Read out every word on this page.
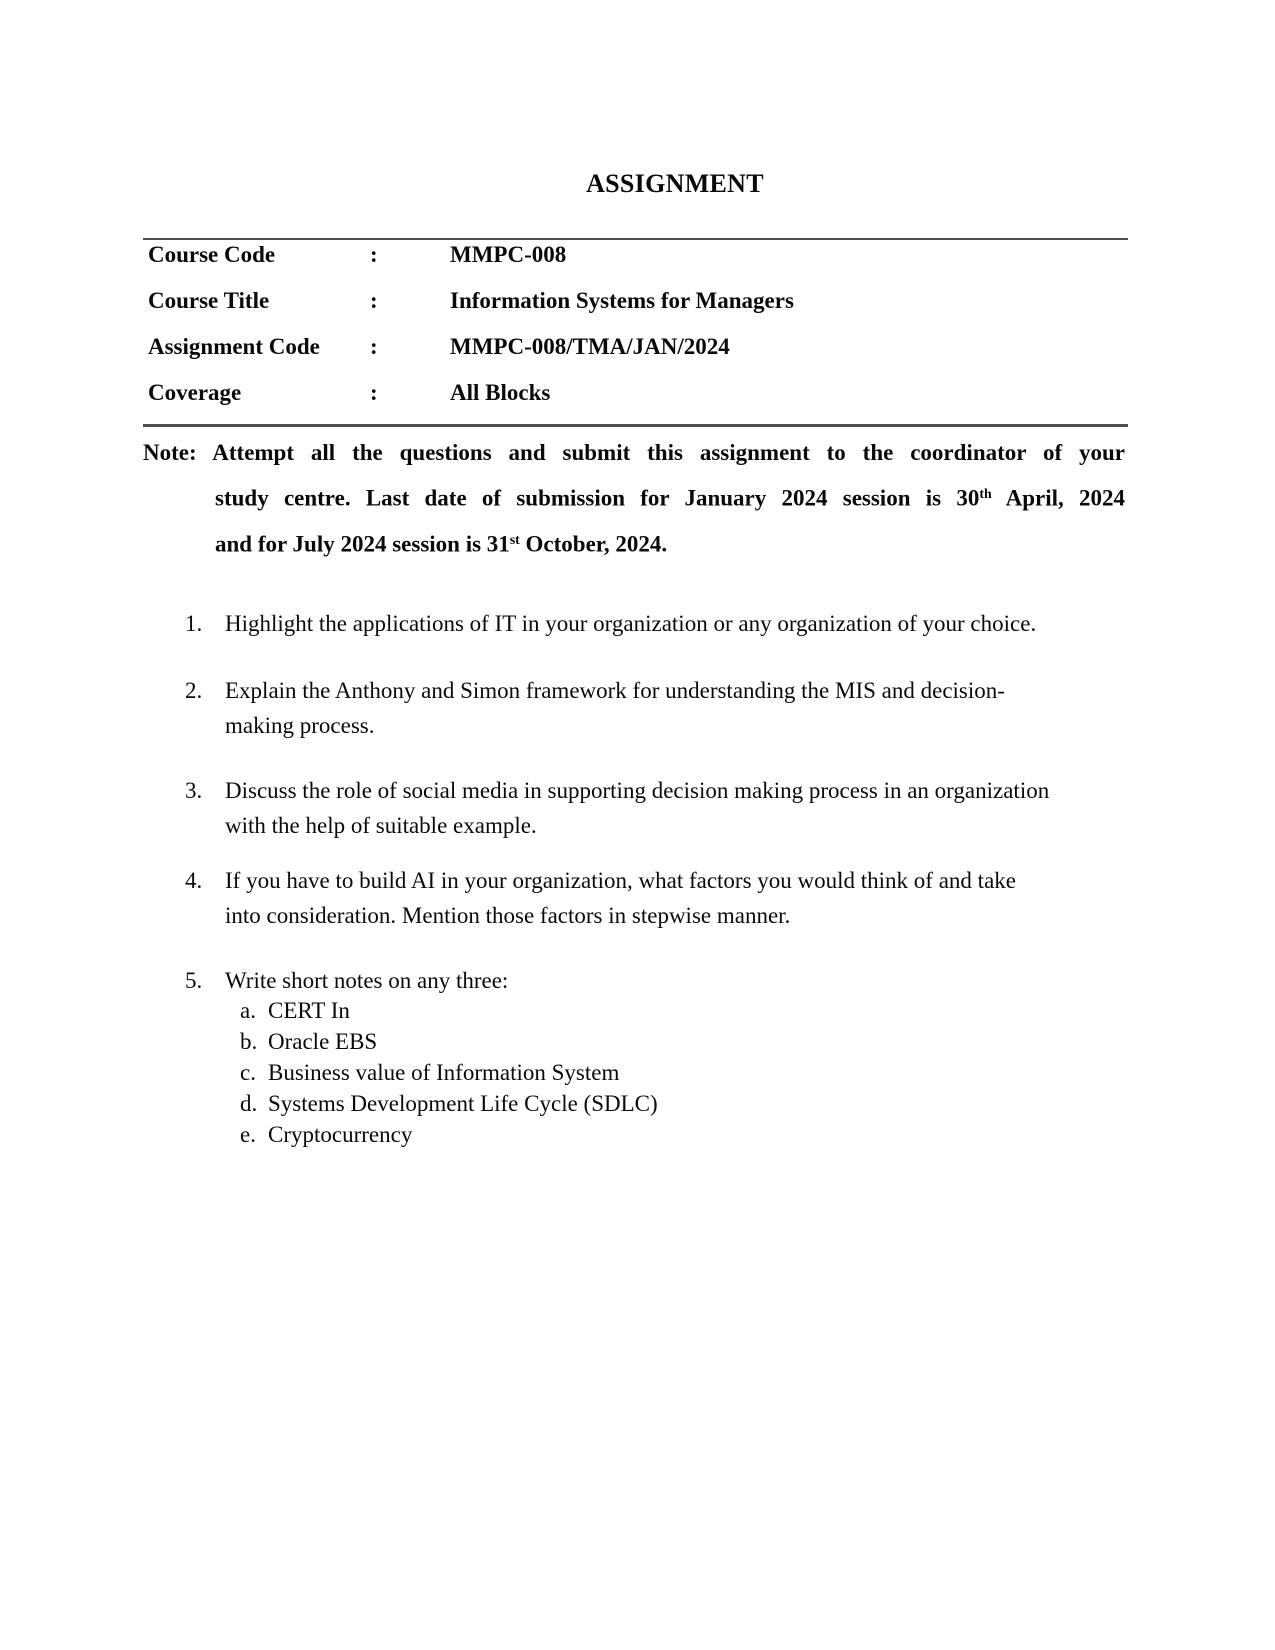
ASSIGNMENT
Course Code	:	MMPC-008
Course Title	:	Information Systems for Managers
Assignment Code :	MMPC-008/TMA/JAN/2024
Coverage	:	All Blocks
Note: Attempt all the questions and submit this assignment to the coordinator of your
study centre. Last date of submission for January 2024 session is 30th April, 2024
and for July 2024 session is 31st October, 2024.
1. Highlight the applications of IT in your organization or any organization of your choice.
2. Explain the Anthony and Simon framework for understanding the MIS and decision-
making process.
3. Discuss the role of social media in supporting decision making process in an organization
with the help of suitable example.
4. If you have to build AI in your organization, what factors you would think of and take
into consideration. Mention those factors in stepwise manner.
5. Write short notes on any three:
a. CERT In
b. Oracle EBS
c. Business value of Information System
d. Systems Development Life Cycle (SDLC)
e. Cryptocurrency
